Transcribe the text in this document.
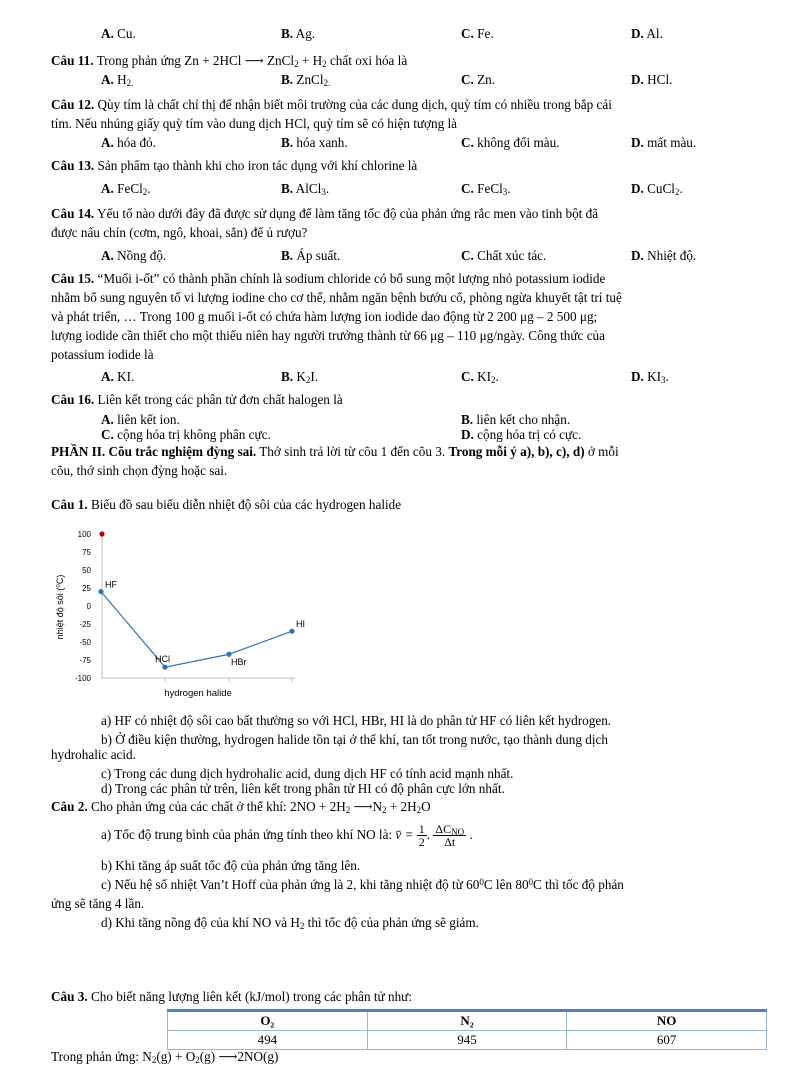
A. Cu.	B. Ag.	C. Fe.	D. Al.
Câu 11. Trong phản ứng Zn + 2HCl ⟶ ZnCl$_2$ + $H_2$ chất oxi hóa là
A. $H_{2.}$	B. ZnCl$_{2.}$	C. Zn.	D. HCl.
Câu 12. Qùy tím là chất chỉ thị để nhận biết môi trường của các dung dịch, quỳ tím có nhiều trong bắp cải
tím. Nếu nhúng giấy quỳ tím vào dung dịch HCl, quỳ tím sẽ có hiện tượng là
A. hóa đỏ.	B. hóa xanh.	C. không đổi màu.	D. mất màu.
Câu 13. Sản phẩm tạo thành khi cho iron tác dụng với khí chlorine là
A. FeCl$_2$.	B. AlCl$_3$.	C. FeCl$_3$.	D. CuCl$_2$.
Câu 14. Yếu tố nào dưới đây đã được sử dụng để làm tăng tốc độ của phản ứng rắc men vào tinh bột đã
được nấu chín (cơm, ngô, khoai, sắn) để ủ rượu?
A. Nồng độ.	B. Áp suất.	C. Chất xúc tác.	D. Nhiệt độ.
Câu 15. “Muối i-ốt” có thành phần chính là sodium chloride có bổ sung một lượng nhỏ potassium iodide
nhằm bổ sung nguyên tố vi lượng iodine cho cơ thể, nhằm ngăn bệnh bướu cổ, phòng ngừa khuyết tật trí tuệ
và phát triển, … Trong 100 g muối i-ốt có chứa hàm lượng ion iodide dao động từ 2 200 μg – 2 500 μg;
lượng iodide cần thiết cho một thiếu niên hay người trưởng thành từ 66 μg – 110 μg/ngày. Công thức của
potassium iodide là
A. KI.	B. $K_2I$.	C. $KI_2$.	D. $KI_3$.
Câu 16. Liên kết trong các phân tử đơn chất halogen là
A. liên kết ion.	B. liên kết cho nhận.
C. cộng hóa trị không phân cực.	D. cộng hóa trị có cực.
PHẦN II. Cõu trắc nghiệm đỳng sai. Thớ sinh trả lời từ cõu 1 đến cõu 3. Trong mỗi ý a), b), c), d) ở mỗi
cõu, thớ sinh chọn đỳng hoặc sai.
Câu 1. Biểu đồ sau biểu diễn nhiệt độ sôi của các hydrogen halide
100
75
50
25
0
-25
-50
-75
-100
HF
HCl	HBr
HI
hydrogen halide
nhiệt độ sôi (⁰C)
a) HF có nhiệt độ sôi cao bất thường so với HCl, HBr, HI là do phân tử HF có liên kết hydrogen.
b) Ở điều kiện thường, hydrogen halide tồn tại ở thể khí, tan tốt trong nước, tạo thành dung dịch
hydrohalic acid.
c) Trong các dung dịch hydrohalic acid, dung dịch HF có tính acid mạnh nhất.
d) Trong các phân tử trên, liên kết trong phân tử HI có độ phân cực lớn nhất.
Câu 2. Cho phản ứng của các chất ở thể khí: $2NO + 2H_2$ $⟶N_2 + 2H_2O$
a) Tốc độ trung bình của phản ứng tính theo khí NO là: v̄ = $\frac{1}{2}$ . $\frac{\Delta C_{NO}}{\Delta t}$ .
b) Khi tăng áp suất tốc độ của phản ứng tăng lên.
c) Nếu hệ số nhiệt Van’t Hoff của phản ứng là 2, khi tăng nhiệt độ từ $60^0C$ lên $80^0C$ thì tốc độ phản
ứng sẽ tăng 4 lần.
d) Khi tăng nồng độ của khí NO và $H_2$ thì tốc độ của phản ứng sẽ giảm.
Câu 3. Cho biết năng lượng liên kết (kJ/mol) trong các phân tử như:
O₂	N₂	NO
494	945	607
Trong phản ứng: $N_2(g) + O_2(g)$ ⟶2NO(g)
